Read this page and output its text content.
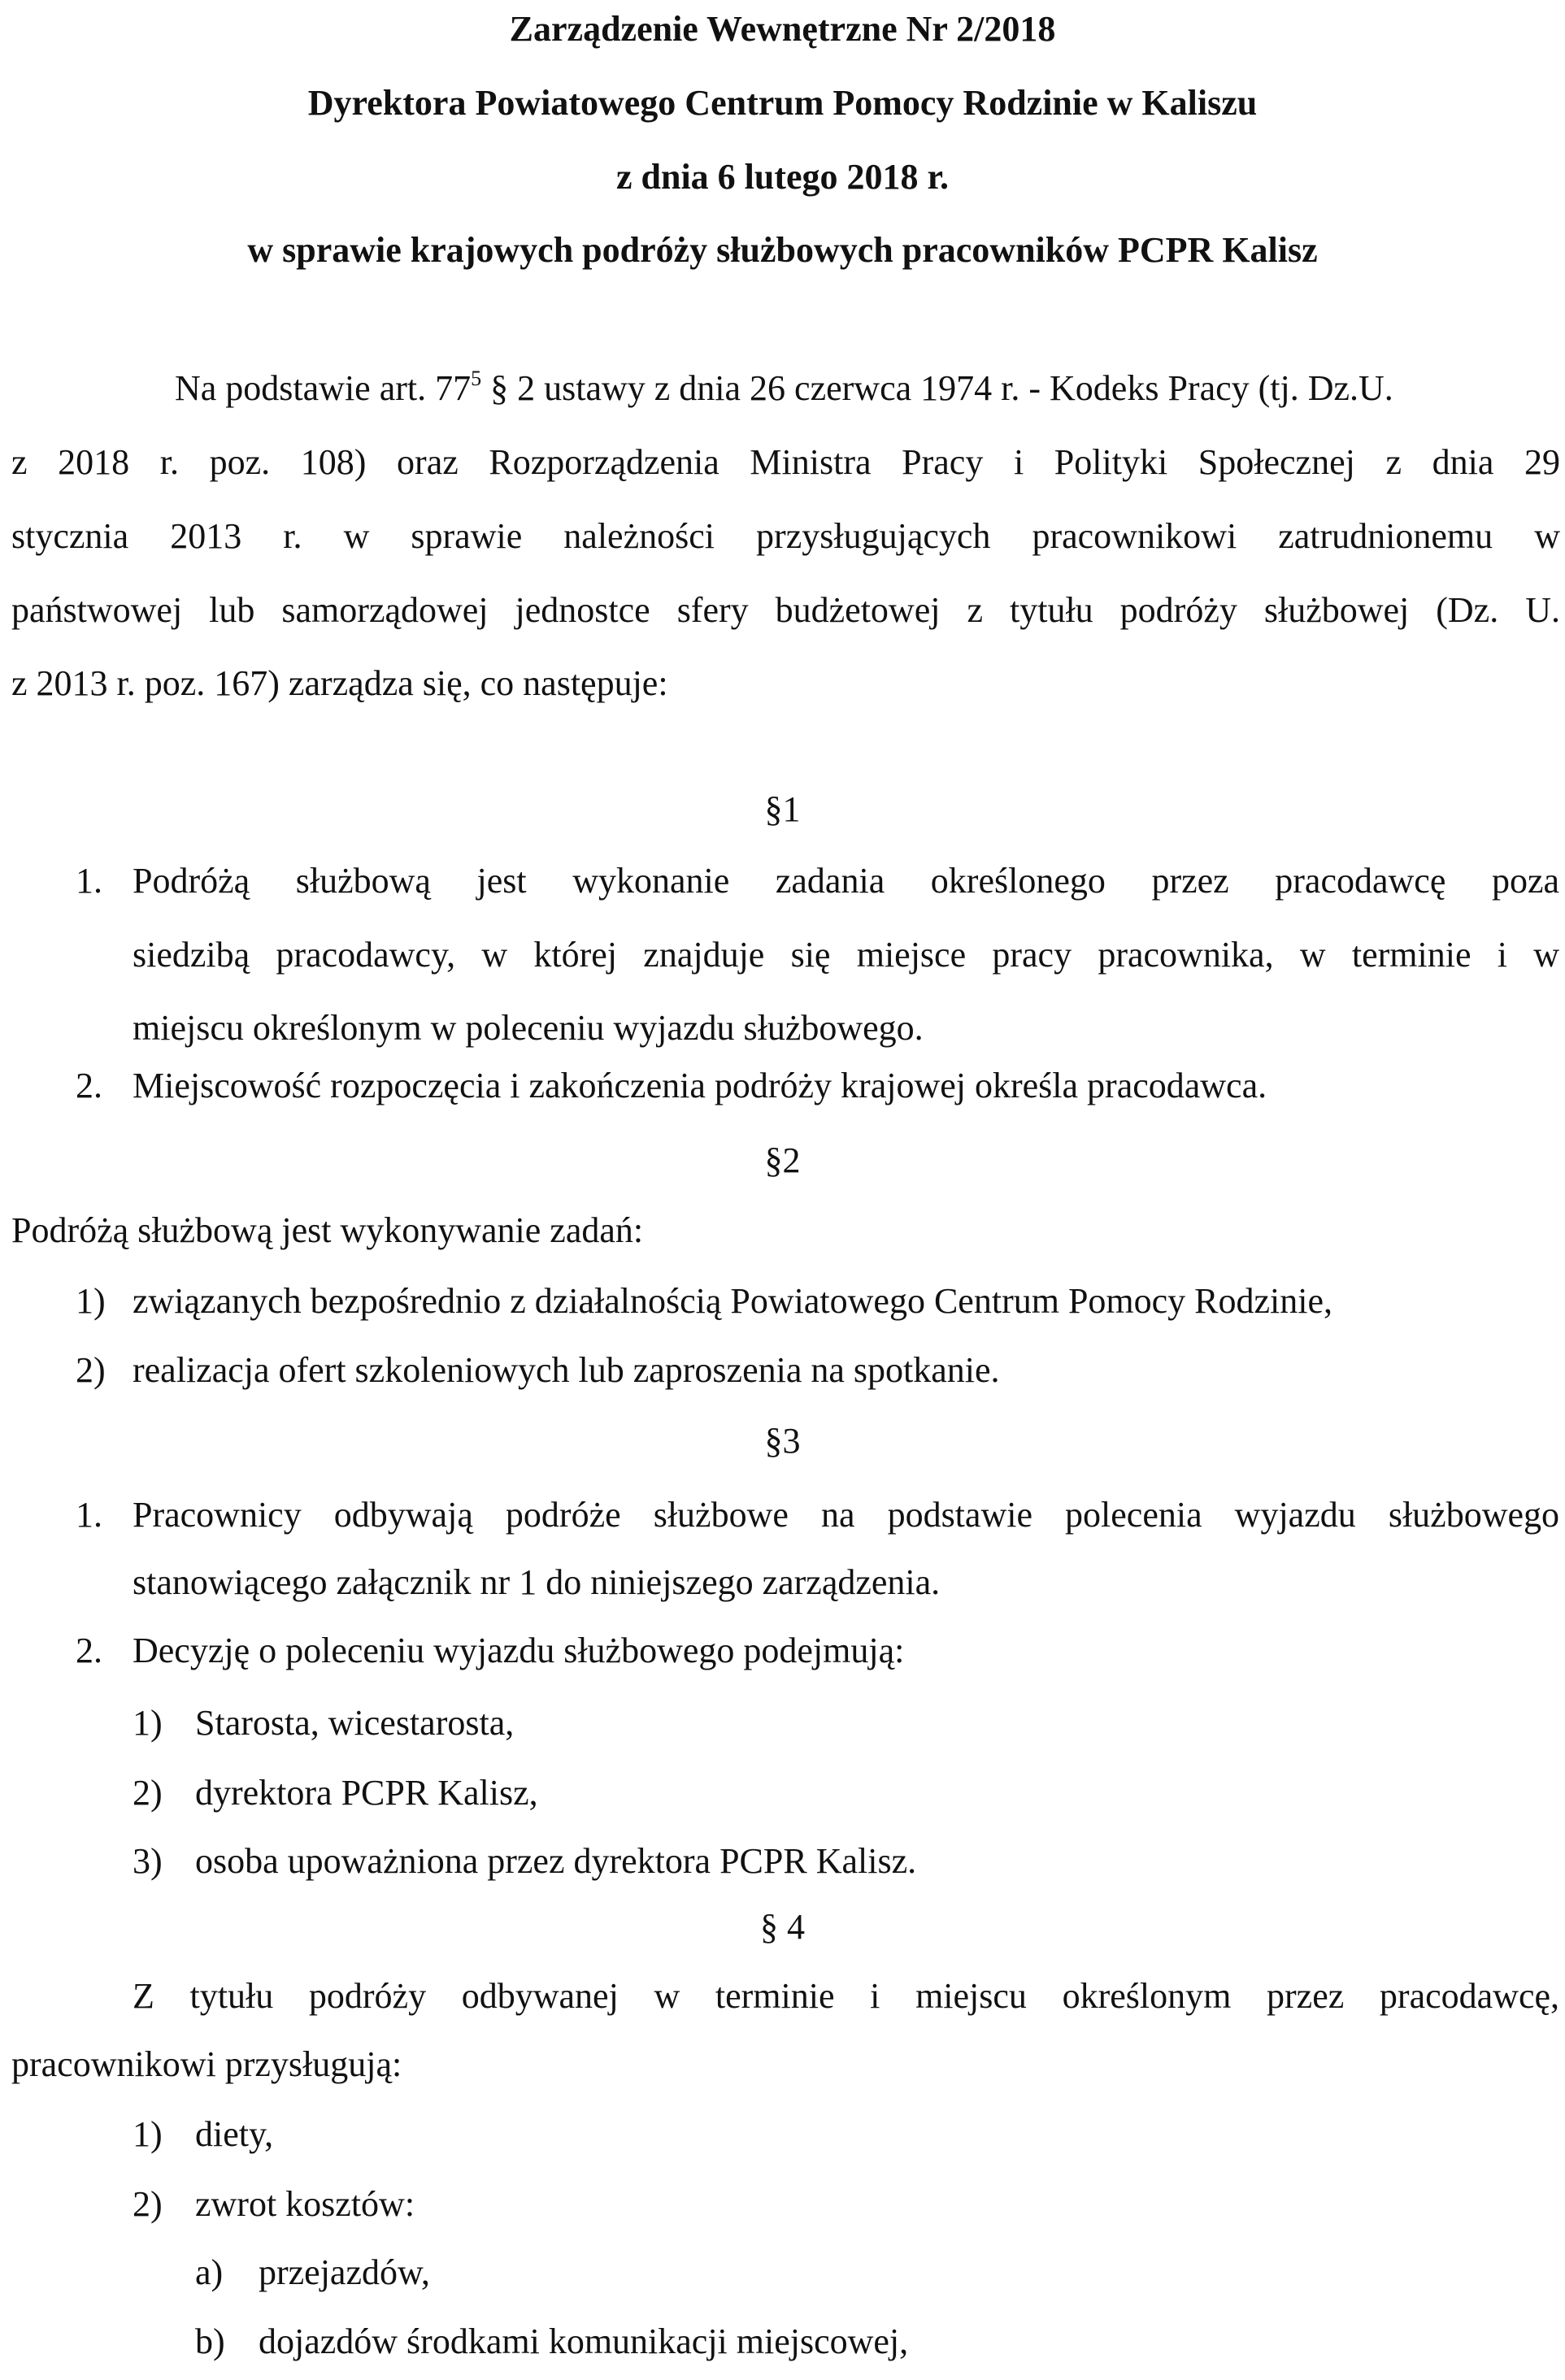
Zarządzenie Wewnętrzne Nr 2/2018
Dyrektora Powiatowego Centrum Pomocy Rodzinie w Kaliszu
z dnia 6 lutego 2018 r.
w sprawie krajowych podróży służbowych pracowników PCPR Kalisz
Na podstawie art. $77^5$ § 2 ustawy z dnia 26 czerwca 1974 r. - Kodeks Pracy (tj. Dz.U.
z 2018 r. poz. 108) oraz Rozporządzenia Ministra Pracy i Polityki Społecznej z dnia 29
stycznia 2013 r. w sprawie należności przysługujących pracownikowi zatrudnionemu w
państwowej lub samorządowej jednostce sfery budżetowej z tytułu podróży służbowej (Dz. U.
z 2013 r. poz. 167) zarządza się, co następuje:
§1
1. Podróżą służbową jest wykonanie zadania określonego przez pracodawcę poza
siedzibą pracodawcy, w której znajduje się miejsce pracy pracownika, w terminie i w
miejscu określonym w poleceniu wyjazdu służbowego.
2. Miejscowość rozpoczęcia i zakończenia podróży krajowej określa pracodawca.
§2
Podróżą służbową jest wykonywanie zadań:
1) związanych bezpośrednio z działalnością Powiatowego Centrum Pomocy Rodzinie,
2) realizacja ofert szkoleniowych lub zaproszenia na spotkanie.
§3
1. Pracownicy odbywają podróże służbowe na podstawie polecenia wyjazdu służbowego
stanowiącego załącznik nr 1 do niniejszego zarządzenia.
2. Decyzję o poleceniu wyjazdu służbowego podejmują:
1) Starosta, wicestarosta,
2) dyrektora PCPR Kalisz,
3) osoba upoważniona przez dyrektora PCPR Kalisz.
§ 4
Z tytułu podróży odbywanej w terminie i miejscu określonym przez pracodawcę,
pracownikowi przysługują:
1) diety,
2) zwrot kosztów:
a) przejazdów,
b) dojazdów środkami komunikacji miejscowej,
